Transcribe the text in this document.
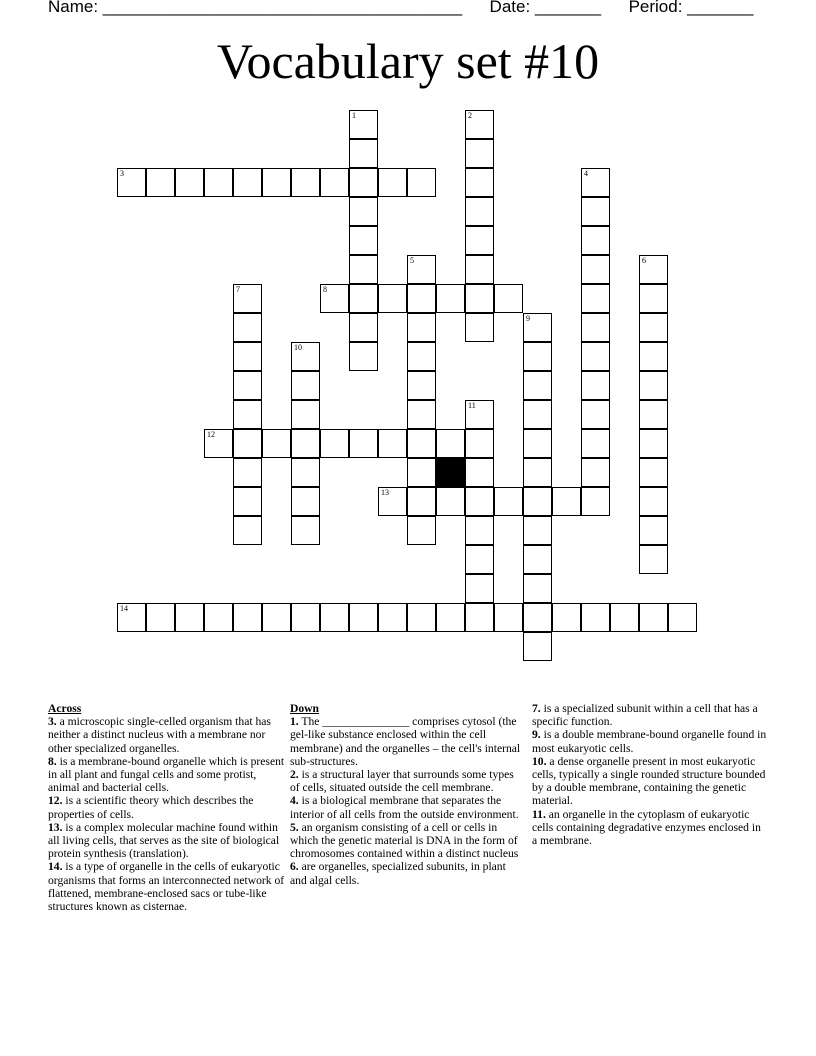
Name: ______________________________________ Date: _______ Period: _______
Vocabulary set #10
1	2
3	4
5	6
7	8
9
10
11
12
13
14
Across
3. a microscopic single-celled organism that has neither a distinct nucleus with a membrane nor other specialized organelles.
8. is a membrane-bound organelle which is present in all plant and fungal cells and some protist, animal and bacterial cells.
12. is a scientific theory which describes the properties of cells.
13. is a complex molecular machine found within all living cells, that serves as the site of biological protein synthesis (translation).
14. is a type of organelle in the cells of eukaryotic organisms that forms an interconnected network of flattened, membrane-enclosed sacs or tube-like structures known as cisternae.
Down
1. The _______________ comprises cytosol (the gel-like substance enclosed within the cell membrane) and the organelles – the cell's internal sub-structures.
2. is a structural layer that surrounds some types of cells, situated outside the cell membrane.
4. is a biological membrane that separates the interior of all cells from the outside environment.
5. an organism consisting of a cell or cells in which the genetic material is DNA in the form of chromosomes contained within a distinct nucleus
6. are organelles, specialized subunits, in plant and algal cells.
7. is a specialized subunit within a cell that has a specific function.
9. is a double membrane-bound organelle found in most eukaryotic cells.
10. a dense organelle present in most eukaryotic cells, typically a single rounded structure bounded by a double membrane, containing the genetic material.
11. an organelle in the cytoplasm of eukaryotic cells containing degradative enzymes enclosed in a membrane.
